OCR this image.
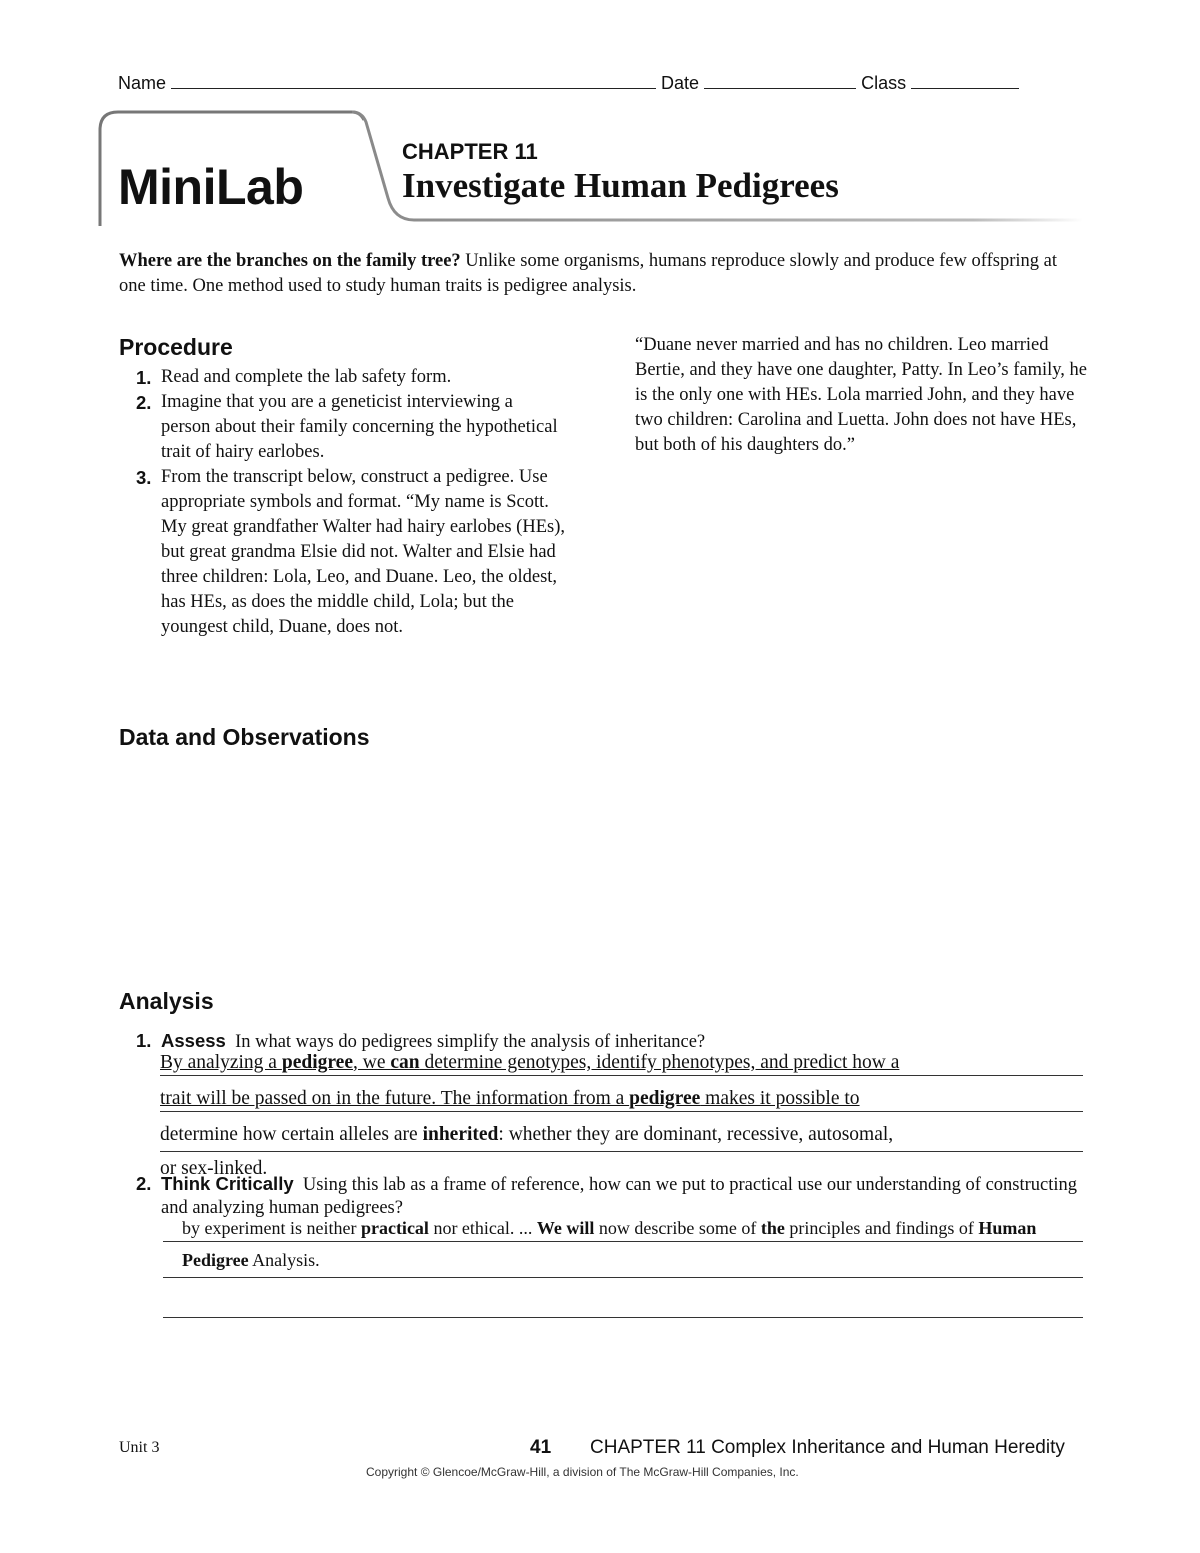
Name	Date	Class
MiniLab
CHAPTER 11
Investigate Human Pedigrees
Where are the branches on the family tree? Unlike some organisms, humans reproduce slowly and produce few offspring at one time. One method used to study human traits is pedigree analysis.
Procedure
1. Read and complete the lab safety form.
2. Imagine that you are a geneticist interviewing a person about their family concerning the hypothetical trait of hairy earlobes.
3. From the transcript below, construct a pedigree. Use appropriate symbols and format. “My name is Scott. My great grandfather Walter had hairy earlobes (HEs), but great grandma Elsie did not. Walter and Elsie had three children: Lola, Leo, and Duane. Leo, the oldest, has HEs, as does the middle child, Lola; but the youngest child, Duane, does not.
“Duane never married and has no children. Leo married Bertie, and they have one daughter, Patty. In Leo’s family, he is the only one with HEs. Lola married John, and they have two children: Carolina and Luetta. John does not have HEs, but both of his daughters do.”
Data and Observations
Analysis
1. Assess In what ways do pedigrees simplify the analysis of inheritance?
By analyzing a pedigree, we can determine genotypes, identify phenotypes, and predict how a
trait will be passed on in the future. The information from a pedigree makes it possible to
determine how certain alleles are inherited: whether they are dominant, recessive, autosomal,
or sex-linked.
2. Think Critically Using this lab as a frame of reference, how can we put to practical use our understanding of constructing and analyzing human pedigrees?
by experiment is neither practical nor ethical. ... We will now describe some of the principles and findings of Human
Pedigree Analysis.
Unit 3	41 CHAPTER 11 Complex Inheritance and Human Heredity
Copyright © Glencoe/McGraw-Hill, a division of The McGraw-Hill Companies, Inc.
